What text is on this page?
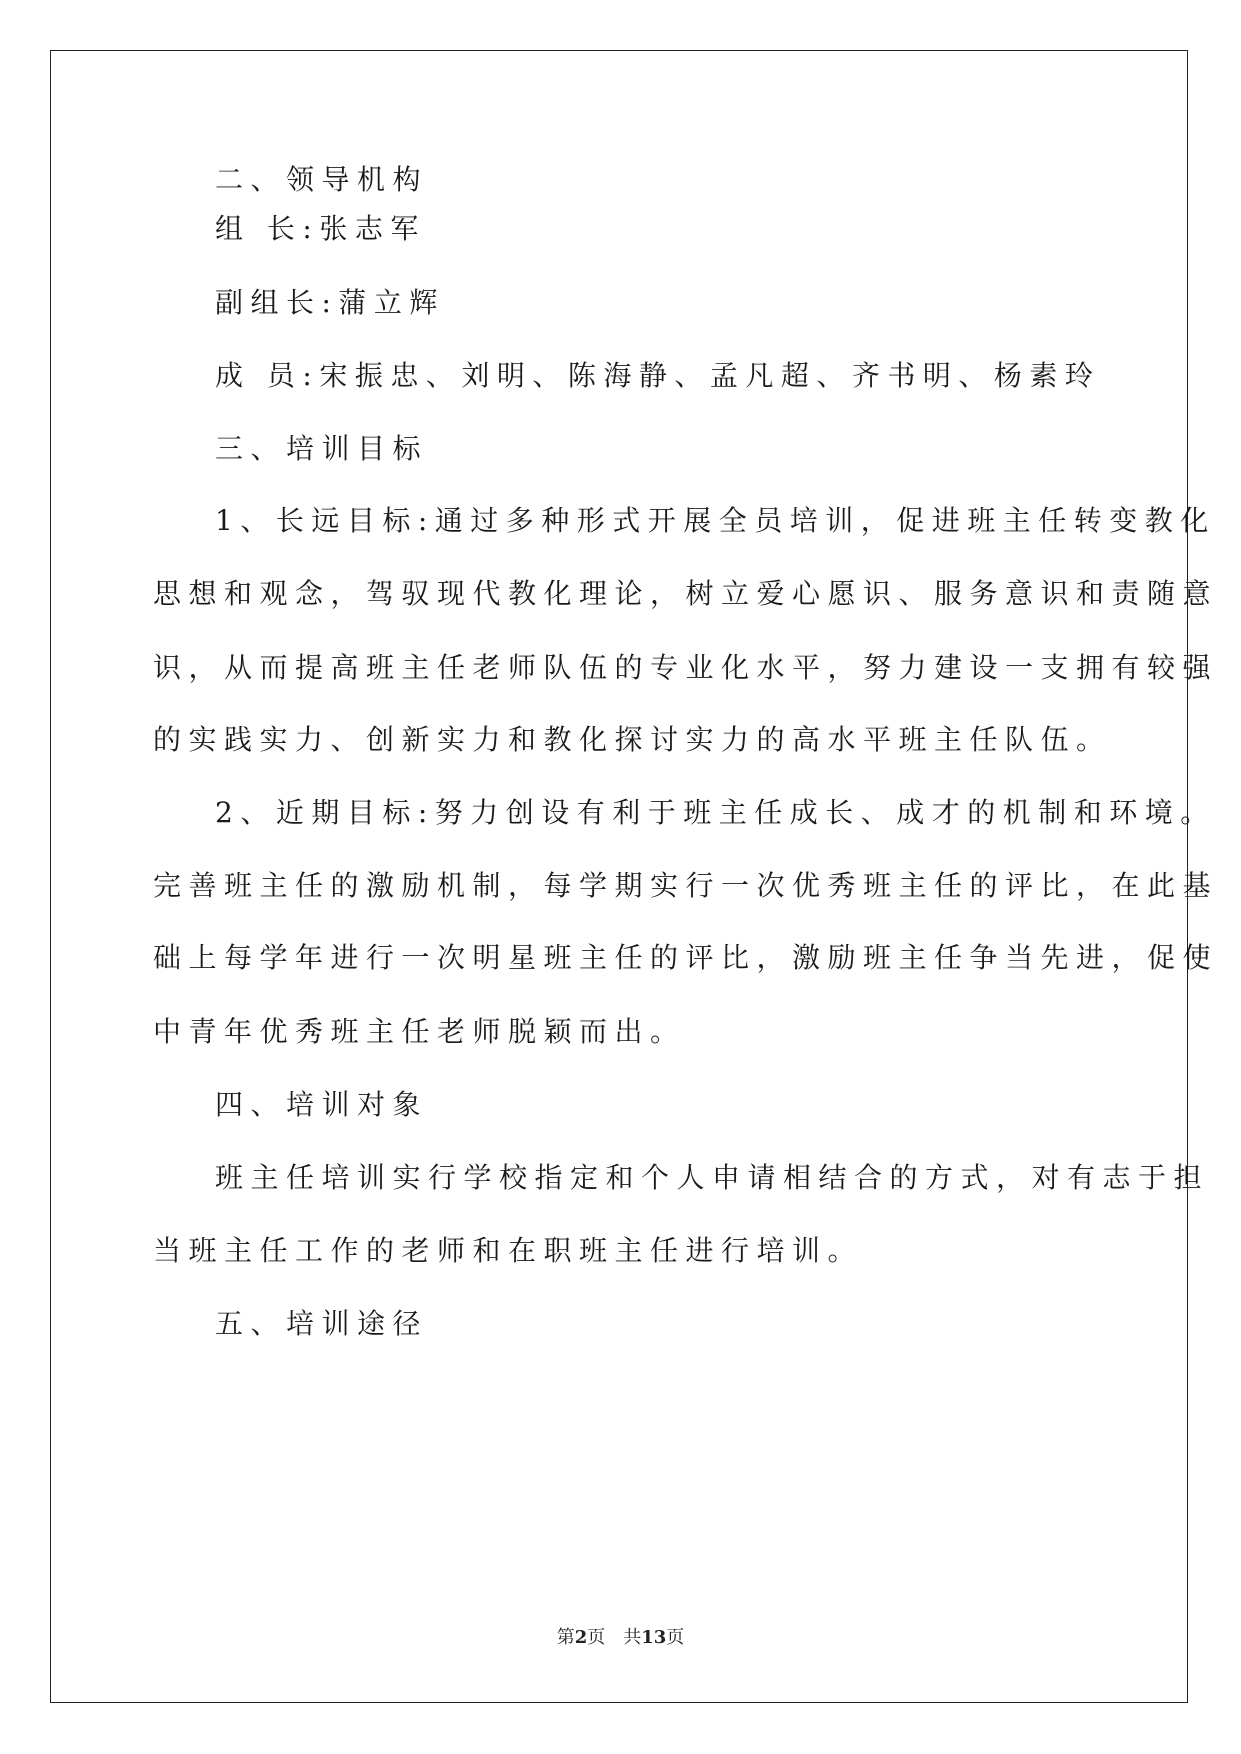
二、领导机构
组 长:张志军
副组长:蒲立辉
成 员:宋振忠、刘明、陈海静、孟凡超、齐书明、杨素玲
三、培训目标
1、长远目标:通过多种形式开展全员培训，促进班主任转变教化
思想和观念，驾驭现代教化理论，树立爱心愿识、服务意识和责随意
识，从而提高班主任老师队伍的专业化水平，努力建设一支拥有较强
的实践实力、创新实力和教化探讨实力的高水平班主任队伍。
2、近期目标:努力创设有利于班主任成长、成才的机制和环境。
完善班主任的激励机制，每学期实行一次优秀班主任的评比，在此基
础上每学年进行一次明星班主任的评比，激励班主任争当先进，促使
中青年优秀班主任老师脱颖而出。
四、培训对象
班主任培训实行学校指定和个人申请相结合的方式，对有志于担
当班主任工作的老师和在职班主任进行培训。
五、培训途径
第2页　共13页
